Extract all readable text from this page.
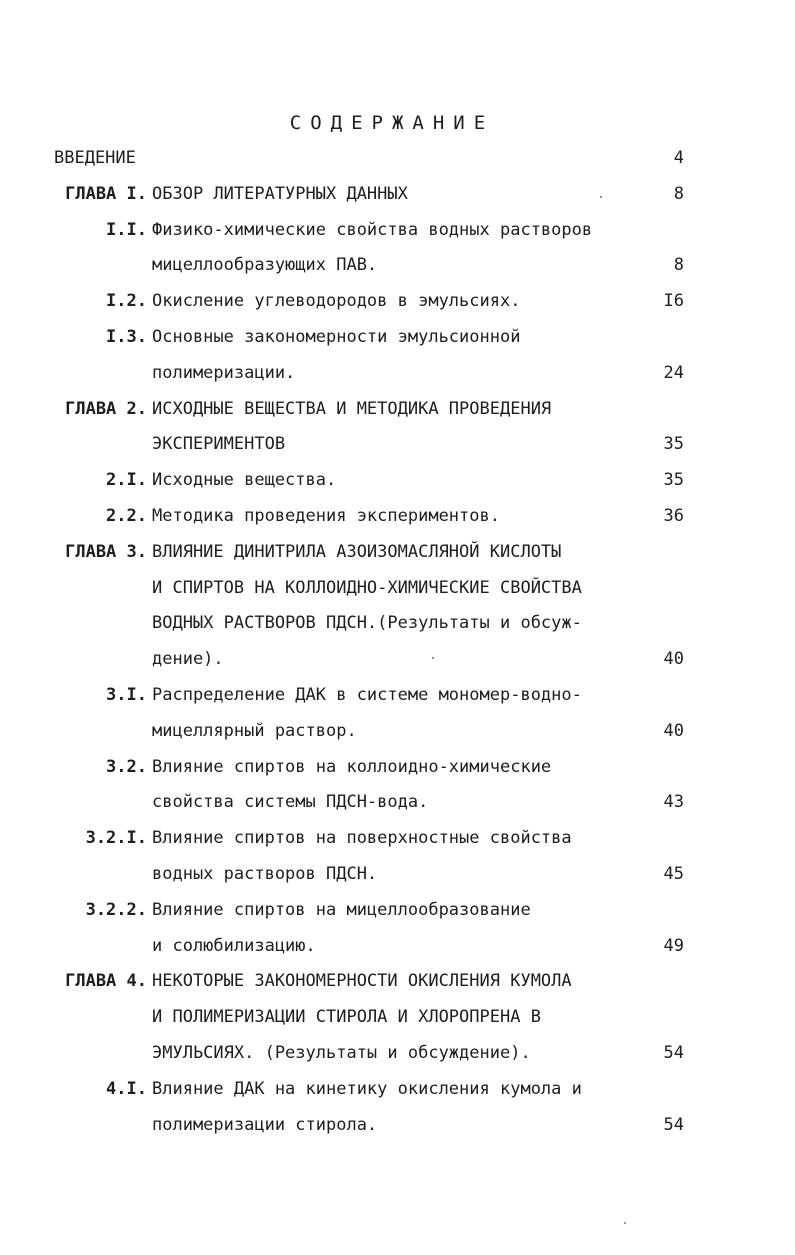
СОДЕРЖАНИЕ
ВВЕДЕНИЕ	4
ГЛАВА I. ОБЗОР ЛИТЕРАТУРНЫХ ДАННЫХ	8
I.I. Физико-химические свойства водных растворов
мицеллообразующих ПАВ.	8
I.2. Окисление углеводородов в эмульсиях.	I6
I.3. Основные закономерности эмульсионной
полимеризации.	24
ГЛАВА 2. ИСХОДНЫЕ ВЕЩЕСТВА И МЕТОДИКА ПРОВЕДЕНИЯ
ЭКСПЕРИМЕНТОВ	35
2.I. Исходные вещества.	35
2.2. Методика проведения экспериментов.	36
ГЛАВА 3. ВЛИЯНИЕ ДИНИТРИЛА АЗОИЗОМАСЛЯНОЙ КИСЛОТЫ
И СПИРТОВ НА КОЛЛОИДНО-ХИМИЧЕСКИЕ СВОЙСТВА
ВОДНЫХ РАСТВОРОВ ПДСН.(Результаты и обсуж-
дение).	40
3.I. Распределение ДАК в системе мономер-водно-
мицеллярный раствор.	40
3.2. Влияние спиртов на коллоидно-химические
свойства системы ПДСН-вода.	43
3.2.I. Влияние спиртов на поверхностные свойства
водных растворов ПДСН.	45
3.2.2. Влияние спиртов на мицеллообразование
и солюбилизацию.	49
ГЛАВА 4. НЕКОТОРЫЕ ЗАКОНОМЕРНОСТИ ОКИСЛЕНИЯ КУМОЛА
И ПОЛИМЕРИЗАЦИИ СТИРОЛА И ХЛОРОПРЕНА В
ЭМУЛЬСИЯХ. (Результаты и обсуждение).	54
4.I. Влияние ДАК на кинетику окисления кумола и
полимеризации стирола.	54
